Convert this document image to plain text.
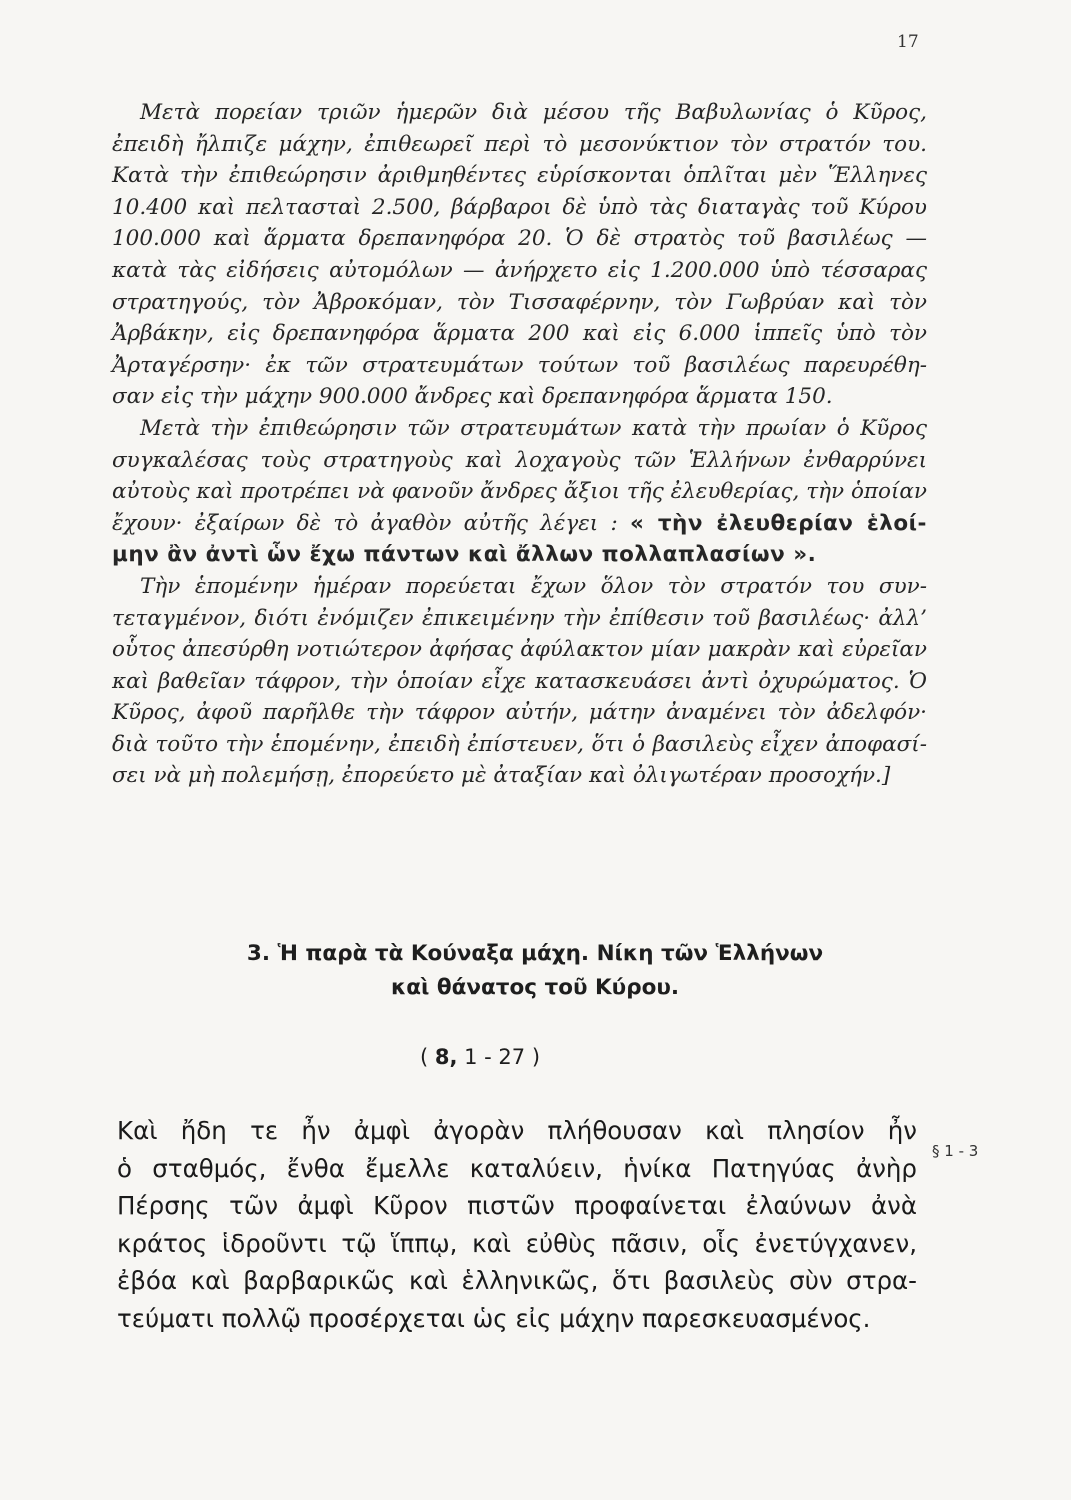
17
Μετὰ πορείαν τριῶν ἡμερῶν διὰ μέσου τῆς Βαβυλωνίας ὁ Κῦρος,
ἐπειδὴ ἤλπιζε μάχην, ἐπιθεωρεῖ περὶ τὸ μεσονύκτιον τὸν στρατόν του.
Κατὰ τὴν ἐπιθεώρησιν ἀριθμηθέντες εὑρίσκονται ὁπλῖται μὲν Ἕλληνες
10.400 καὶ πελτασταὶ 2.500, βάρβαροι δὲ ὑπὸ τὰς διαταγὰς τοῦ Κύρου
100.000 καὶ ἅρματα δρεπανηφόρα 20. Ὁ δὲ στρατὸς τοῦ βασιλέως —
κατὰ τὰς εἰδήσεις αὐτομόλων — ἀνήρχετο εἰς 1.200.000 ὑπὸ τέσσαρας
στρατηγούς, τὸν Ἀβροκόμαν, τὸν Τισσαφέρνην, τὸν Γωβρύαν καὶ τὸν
Ἀρβάκην, εἰς δρεπανηφόρα ἅρματα 200 καὶ εἰς 6.000 ἱππεῖς ὑπὸ τὸν
Ἀρταγέρσην· ἐκ τῶν στρατευμάτων τούτων τοῦ βασιλέως παρευρέθη-
σαν εἰς τὴν μάχην 900.000 ἄνδρες καὶ δρεπανηφόρα ἅρματα 150.
Μετὰ τὴν ἐπιθεώρησιν τῶν στρατευμάτων κατὰ τὴν πρωίαν ὁ Κῦρος
συγκαλέσας τοὺς στρατηγοὺς καὶ λοχαγοὺς τῶν Ἑλλήνων ἐνθαρρύνει
αὐτοὺς καὶ προτρέπει νὰ φανοῦν ἄνδρες ἄξιοι τῆς ἐλευθερίας, τὴν ὁποίαν
ἔχουν· ἐξαίρων δὲ τὸ ἀγαθὸν αὐτῆς λέγει : « τὴν ἐλευθερίαν ἑλοί-
μην ἂν ἀντὶ ὧν ἔχω πάντων καὶ ἄλλων πολλαπλασίων ».
Τὴν ἑπομένην ἡμέραν πορεύεται ἔχων ὅλον τὸν στρατόν του συν-
τεταγμένον, διότι ἐνόμιζεν ἐπικειμένην τὴν ἐπίθεσιν τοῦ βασιλέως· ἀλλ’
οὗτος ἀπεσύρθη νοτιώτερον ἀφήσας ἀφύλακτον μίαν μακρὰν καὶ εὐρεῖαν
καὶ βαθεῖαν τάφρον, τὴν ὁποίαν εἶχε κατασκευάσει ἀντὶ ὀχυρώματος. Ὁ
Κῦρος, ἀφοῦ παρῆλθε τὴν τάφρον αὐτήν, μάτην ἀναμένει τὸν ἀδελφόν·
διὰ τοῦτο τὴν ἑπομένην, ἐπειδὴ ἐπίστευεν, ὅτι ὁ βασιλεὺς εἶχεν ἀποφασί-
σει νὰ μὴ πολεμήσῃ, ἐπορεύετο μὲ ἀταξίαν καὶ ὀλιγωτέραν προσοχήν.]
3. Ἡ παρὰ τὰ Κούναξα μάχη. Νίκη τῶν Ἑλλήνων
καὶ θάνατος τοῦ Κύρου.
( 8, 1 - 27 )
Καὶ ἤδη τε ἦν ἀμφὶ ἀγορὰν πλήθουσαν καὶ πλησίον ἦν
ὁ σταθμός, ἔνθα ἔμελλε καταλύειν, ἡνίκα Πατηγύας ἀνὴρ
Πέρσης τῶν ἀμφὶ Κῦρον πιστῶν προφαίνεται ἐλαύνων ἀνὰ
κράτος ἱδροῦντι τῷ ἵππῳ, καὶ εὐθὺς πᾶσιν, οἷς ἐνετύγχανεν,
ἐβόα καὶ βαρβαρικῶς καὶ ἑλληνικῶς, ὅτι βασιλεὺς σὺν στρα-
τεύματι πολλῷ προσέρχεται ὡς εἰς μάχην παρεσκευασμένος.
§ 1 - 3
